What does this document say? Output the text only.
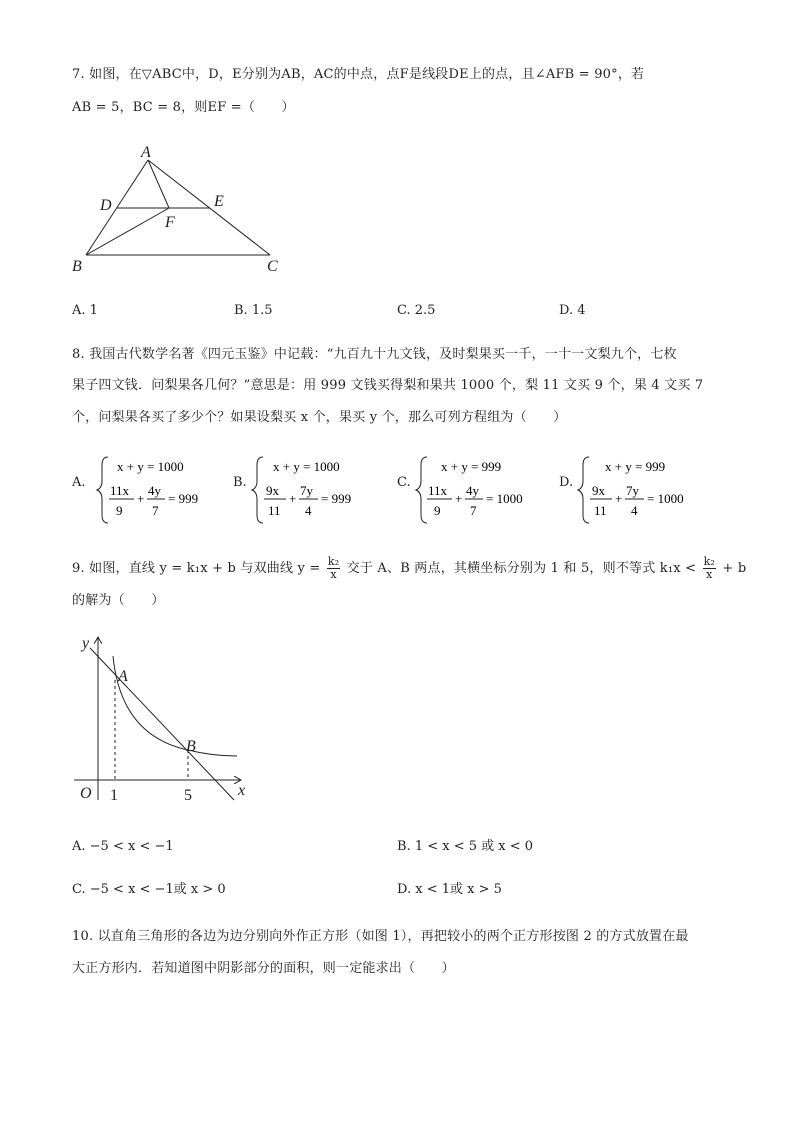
7. 如图，在▽ABC中，D，E分别为AB，AC的中点，点F是线段DE上的点，且∠AFB = 90°，若
AB = 5，BC = 8，则EF =（　　）
A
D	E
F
B	C
A. 1	B. 1.5	C. 2.5	D. 4
8. 我国古代数学名著《四元玉鉴》中记载：“九百九十九文钱，及时梨果买一千，一十一文梨九个，七枚
果子四文钱．问梨果各几何？”意思是：用 999 文钱买得梨和果共 1000 个，梨 11 文买 9 个，果 4 文买 7
个，问梨果各买了多少个？如果设梨买 x 个，果买 y 个，那么可列方程组为（　　）
A.
x + y = 1000
11x
9
+
4y
7
= 999
B.
x + y = 1000
9x
11
+
7y
4
= 999
C.
x + y = 999
11x
9
+
4y
7
= 1000
D.
x + y = 999
9x
11
+
7y
4
= 1000
9. 如图，直线 y = k₁x + b 与双曲线 $y = \frac{\text{k₂}}{x}$ 交于 A、B 两点，其横坐标分别为 1 和 5，则不等式 $k_1x < \frac{\text{k₂}}{x} + b$
的解为（　　）
y
x
O
A
B
1	5
A. −5 < x < −1	B. 1 < x < 5 或 x < 0
C. −5 < x < −1或 x > 0	D. x < 1或 x > 5
10. 以直角三角形的各边为边分别向外作正方形（如图 1），再把较小的两个正方形按图 2 的方式放置在最
大正方形内．若知道图中阴影部分的面积，则一定能求出（　　）
